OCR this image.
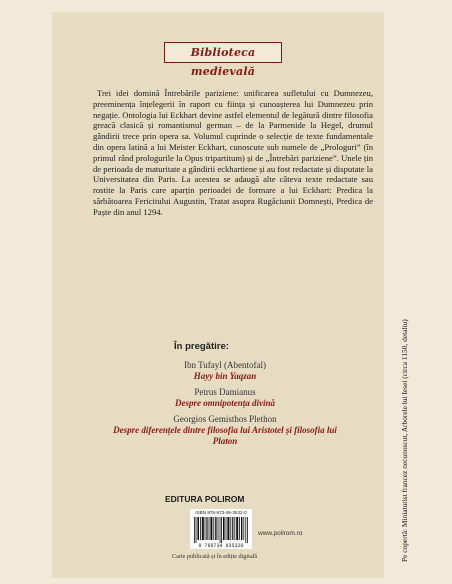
Biblioteca medievală

Trei idei domină Întrebările pariziene: unificarea sufletului cu Dumnezeu, preeminența înțelegerii în raport cu ființa și cunoașterea lui Dumnezeu prin negație. Ontologia lui Eckhart devine astfel elementul de legătură dintre filosofia greacă clasică și romantismul german – de la Parmenide la Hegel, drumul gândirii trece prin opera sa. Volumul cuprinde o selecție de texte fundamentale din opera latină a lui Meister Eckhart, cunoscute sub numele de „Prologuri” (în primul rând prologurile la Opus tripartitum) și de „Întrebări pariziene”. Unele țin de perioada de maturitate a gândirii eckhartiene și au fost redactate și disputate la Universitatea din Paris. La acestea se adaugă alte câteva texte redactate sau rostite la Paris care aparțin perioadei de formare a lui Eckhart: Predica la sărbătoarea Fericitului Augustin, Tratat asupra Rugăciunii Domnești, Predica de Paște din anul 1294.

În pregătire:
Ibn Tufayl (Abentofal)
Hayy bin Yaqzan
Petrus Damianus
Despre omnipotența divină
Georgios Gemisthos Plethon
Despre diferențele dintre filosofia lui Aristotel și filosofia lui Platon
EDITURA POLIROM
ISBN 978-973-46-3532-0
9 789734 635320
www.polirom.ro
Carte publicată și în ediție digitală	Pe copertă: Miniaturist francez necunoscut, Arborele lui Iesei (circa 1150, detaliu)
